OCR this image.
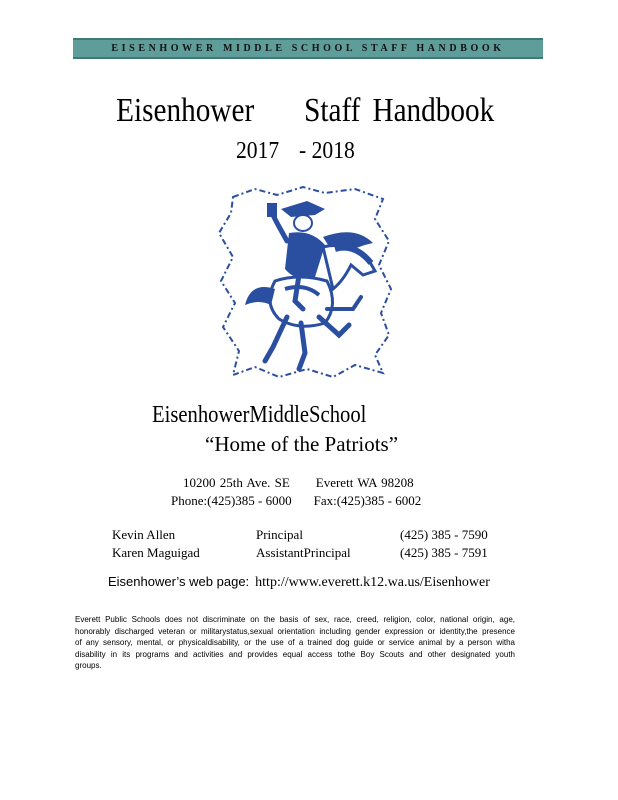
EISENHOWER MIDDLE SCHOOL STAFF HANDBOOK
Eisenhower Staff Handbook
2017 - 2018
EisenhowerMiddleSchool
“Home of the Patriots”
10200 25th Ave. SE Everett WA 98208
Phone:(425)385 - 6000 Fax:(425)385 - 6002
Kevin Allen	Principal	(425) 385 - 7590
Karen Maguigad	AssistantPrincipal	(425) 385 - 7591
Eisenhower’s web page: http://www.everett.k12.wa.us/Eisenhower
Everett Public Schools does not discriminate on the basis of sex, race, creed, religion, color, national origin, age, honorably discharged veteran or militarystatus,sexual orientation including gender expression or identity,the presence of any sensory, mental, or physicaldisability, or the use of a trained dog guide or service animal by a person witha disability in its programs and activities and provides equal access tothe Boy Scouts and other designated youth groups.
